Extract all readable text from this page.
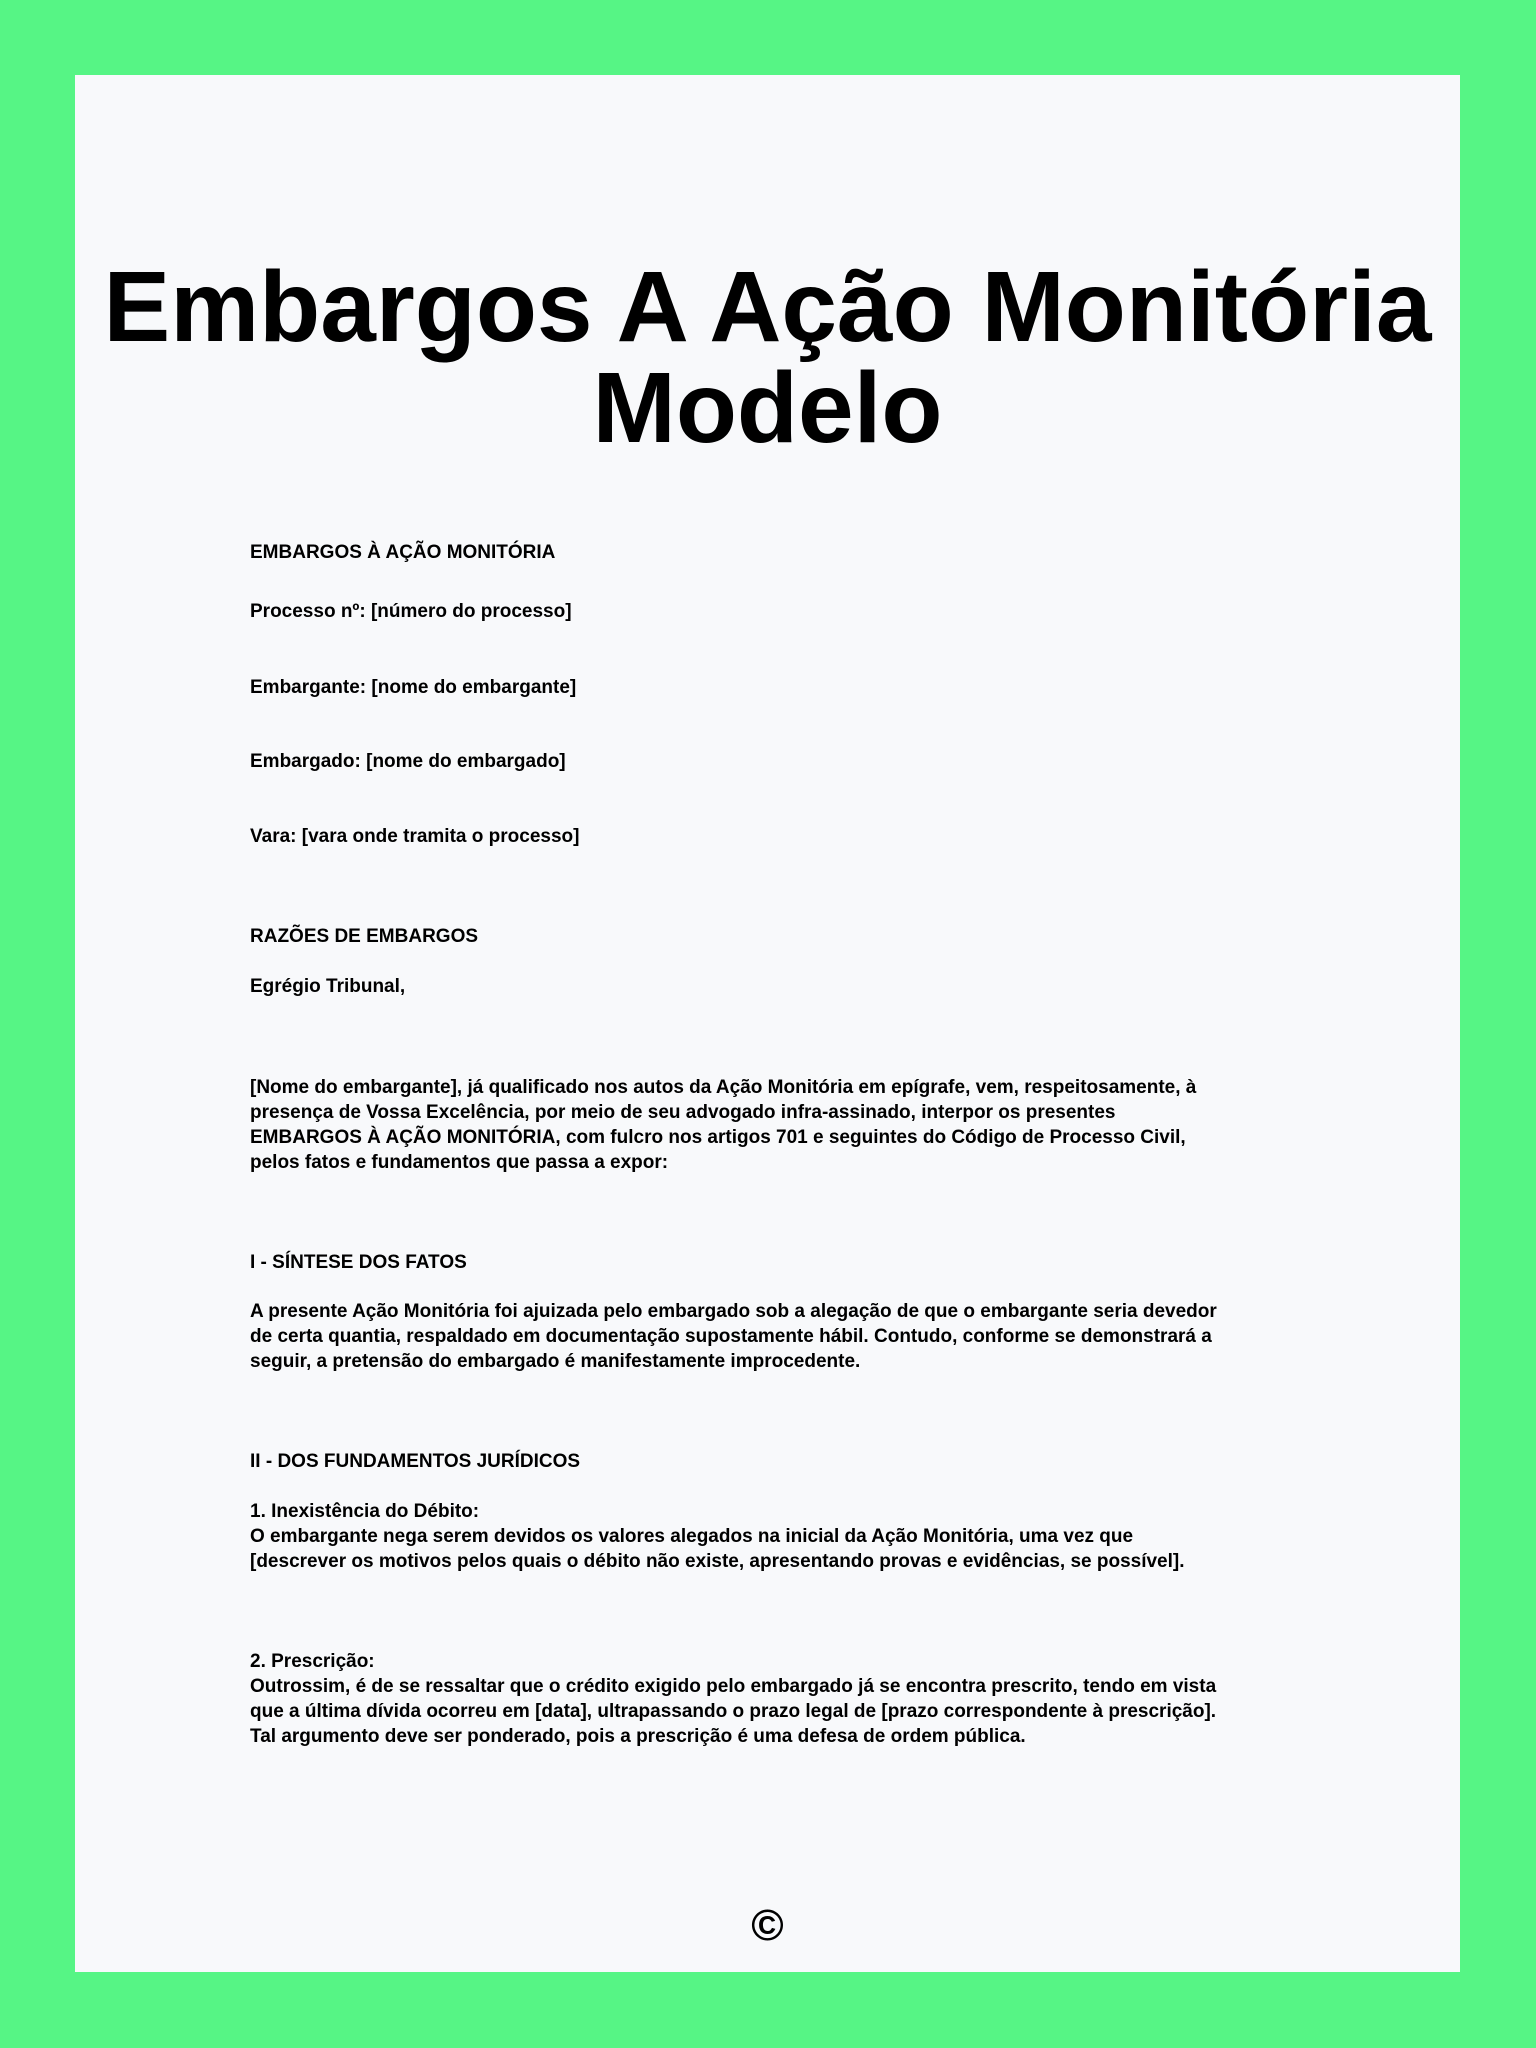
Embargos A Ação Monitória
Modelo
EMBARGOS À AÇÃO MONITÓRIA
Processo nº: [número do processo]
Embargante: [nome do embargante]
Embargado: [nome do embargado]
Vara: [vara onde tramita o processo]
RAZÕES DE EMBARGOS
Egrégio Tribunal,
[Nome do embargante], já qualificado nos autos da Ação Monitória em epígrafe, vem, respeitosamente, à
presença de Vossa Excelência, por meio de seu advogado infra-assinado, interpor os presentes
EMBARGOS À AÇÃO MONITÓRIA, com fulcro nos artigos 701 e seguintes do Código de Processo Civil,
pelos fatos e fundamentos que passa a expor:
I - SÍNTESE DOS FATOS
A presente Ação Monitória foi ajuizada pelo embargado sob a alegação de que o embargante seria devedor
de certa quantia, respaldado em documentação supostamente hábil. Contudo, conforme se demonstrará a
seguir, a pretensão do embargado é manifestamente improcedente.
II - DOS FUNDAMENTOS JURÍDICOS
1. Inexistência do Débito:
O embargante nega serem devidos os valores alegados na inicial da Ação Monitória, uma vez que
[descrever os motivos pelos quais o débito não existe, apresentando provas e evidências, se possível].
2. Prescrição:
Outrossim, é de se ressaltar que o crédito exigido pelo embargado já se encontra prescrito, tendo em vista
que a última dívida ocorreu em [data], ultrapassando o prazo legal de [prazo correspondente à prescrição].
Tal argumento deve ser ponderado, pois a prescrição é uma defesa de ordem pública.
©
